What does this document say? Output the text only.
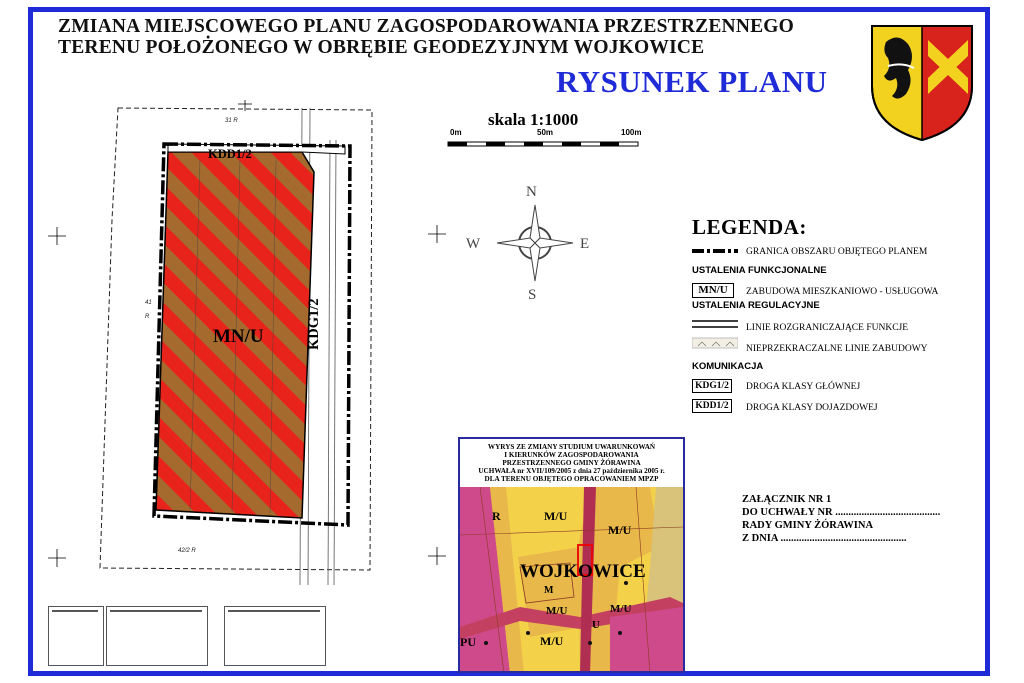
ZMIANA MIEJSCOWEGO PLANU ZAGOSPODAROWANIA PRZESTRZENNEGO
TERENU POŁOŻONEGO W OBRĘBIE GEODEZYJNYM WOJKOWICE
RYSUNEK PLANU
skala 1:1000
0m	50m	100m
N
S
W	E
KDD1/2
MN/U	KDG1/2
31 R
41
R
42/2 R
LEGENDA:
GRANICA OBSZARU OBJĘTEGO PLANEM
USTALENIA FUNKCJONALNE
MN/U	ZABUDOWA MIESZKANIOWO - USŁUGOWA
USTALENIA REGULACYJNE
LINIE ROZGRANICZAJĄCE FUNKCJE
NIEPRZEKRACZALNE LINIE ZABUDOWY
KOMUNIKACJA
KDG1/2	DROGA KLASY GŁÓWNEJ
KDD1/2	DROGA KLASY DOJAZDOWEJ
WYRYS ZE ZMIANY STUDIUM UWARUNKOWAŃ
I KIERUNKÓW ZAGOSPODAROWANIA
PRZESTRZENNEGO GMINY ŻÓRAWINA
UCHWAŁA nr XVII/109/2005 z dnia 27 października 2005 r.
DLA TERENU OBJĘTEGO OPRACOWANIEM MPZP
R	M/U
M/U
WOJKOWICE
M
M/U	M/U
M/U
U
PU
ZAŁĄCZNIK NR 1
DO UCHWAŁY NR ........................................
RADY GMINY ŻÓRAWINA
Z DNIA ................................................
